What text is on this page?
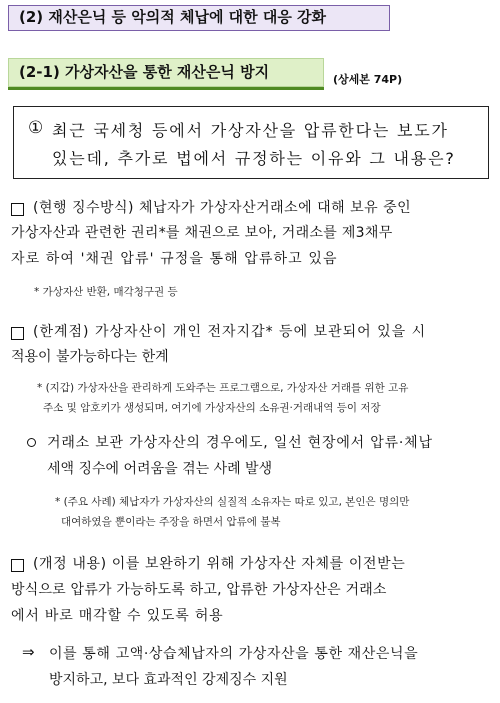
(2) 재산은닉 등 악의적 체납에 대한 대응 강화
(2-1) 가상자산을 통한 재산은닉 방지	(상세본 74P)
① 최근 국세청 등에서 가상자산을 압류한다는 보도가
있는데, 추가로 법에서 규정하는 이유와 그 내용은?
(현행 징수방식) 체납자가 가상자산거래소에 대해 보유 중인
가상자산과 관련한 권리*를 채권으로 보아, 거래소를 제3채무
자로 하여 '채권 압류' 규정을 통해 압류하고 있음
* 가상자산 반환, 매각청구권 등
(한계점) 가상자산이 개인 전자지갑* 등에 보관되어 있을 시
적용이 불가능하다는 한계
* (지갑) 가상자산을 관리하게 도와주는 프로그램으로, 가상자산 거래를 위한 고유
주소 및 암호키가 생성되며, 여기에 가상자산의 소유권·거래내역 등이 저장
거래소 보관 가상자산의 경우에도, 일선 현장에서 압류·체납
세액 징수에 어려움을 겪는 사례 발생
* (주요 사례) 체납자가 가상자산의 실질적 소유자는 따로 있고, 본인은 명의만
대여하였을 뿐이라는 주장을 하면서 압류에 불복
(개정 내용) 이를 보완하기 위해 가상자산 자체를 이전받는
방식으로 압류가 가능하도록 하고, 압류한 가상자산은 거래소
에서 바로 매각할 수 있도록 허용
⇒ 이를 통해 고액·상습체납자의 가상자산을 통한 재산은닉을
방지하고, 보다 효과적인 강제징수 지원
